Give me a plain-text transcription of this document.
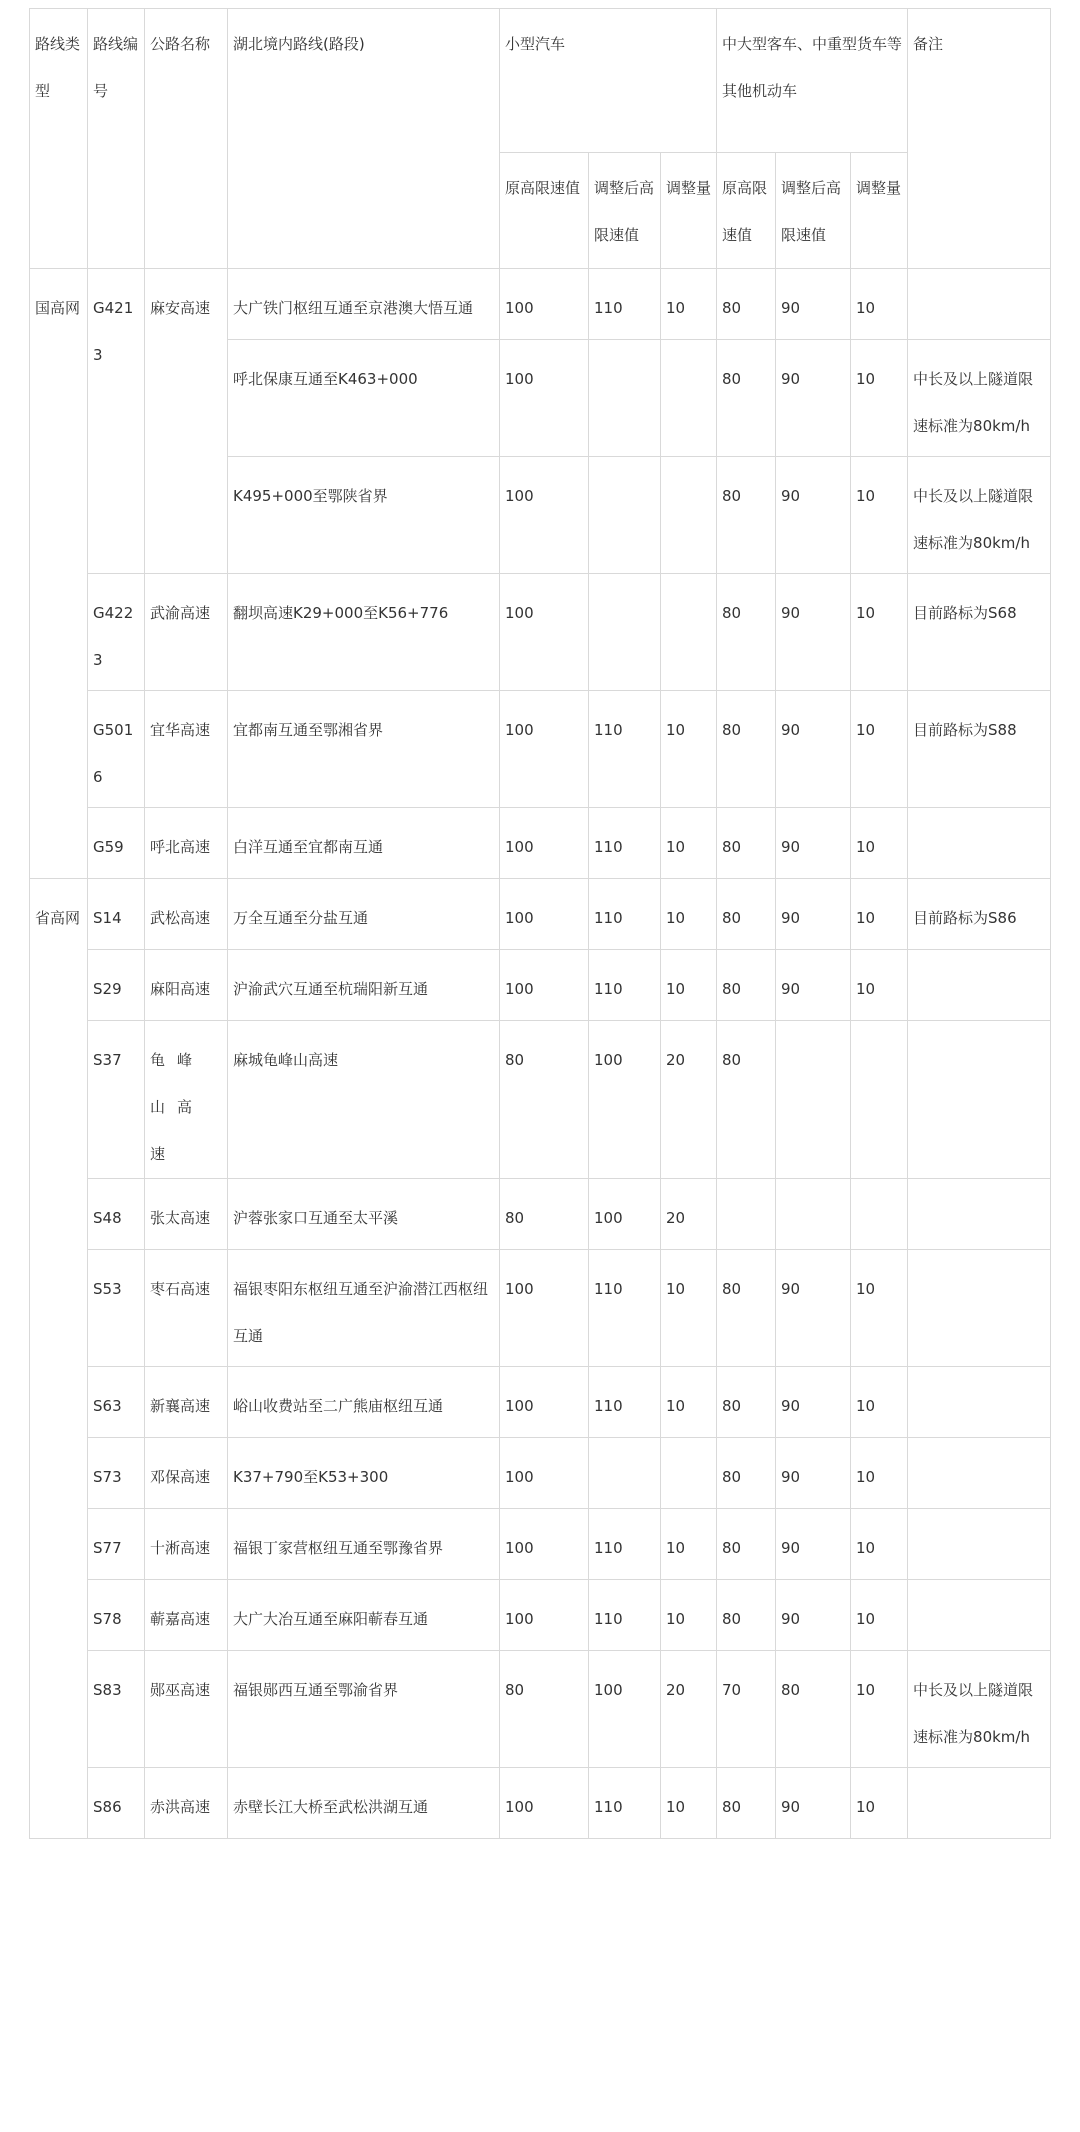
路线类型	路线编号	公路名称	湖北境内路线(路段)	小型汽车			中大型客车、中重型货车等其他机动车			备注
				原高限速值	调整后高限速值	调整量	原高限速值	调整后高限速值	调整量	
国高网	G4213	麻安高速	大广铁门枢纽互通至京港澳大悟互通	100	110	10	80	90	10	
			呼北保康互通至K463+000	100			80	90	10	中长及以上隧道限速标准为80km/h
			K495+000至鄂陕省界	100			80	90	10	中长及以上隧道限速标准为80km/h
	G4223	武渝高速	翻坝高速K29+000至K56+776	100			80	90	10	目前路标为S68
	G5016	宜华高速	宜都南互通至鄂湘省界	100	110	10	80	90	10	目前路标为S88
	G59	呼北高速	白洋互通至宜都南互通	100	110	10	80	90	10	
省高网	S14	武松高速	万全互通至分盐互通	100	110	10	80	90	10	目前路标为S86
	S29	麻阳高速	沪渝武穴互通至杭瑞阳新互通	100	110	10	80	90	10	
	S37	龟峰山高速	麻城龟峰山高速	80	100	20	80			
	S48	张太高速	沪蓉张家口互通至太平溪	80	100	20				
	S53	枣石高速	福银枣阳东枢纽互通至沪渝潜江西枢纽互通	100	110	10	80	90	10	
	S63	新襄高速	峪山收费站至二广熊庙枢纽互通	100	110	10	80	90	10	
	S73	邓保高速	K37+790至K53+300	100			80	90	10	
	S77	十淅高速	福银丁家营枢纽互通至鄂豫省界	100	110	10	80	90	10	
	S78	蕲嘉高速	大广大冶互通至麻阳蕲春互通	100	110	10	80	90	10	
	S83	郧巫高速	福银郧西互通至鄂渝省界	80	100	20	70	80	10	中长及以上隧道限速标准为80km/h
	S86	赤洪高速	赤壁长江大桥至武松洪湖互通	100	110	10	80	90	10	
